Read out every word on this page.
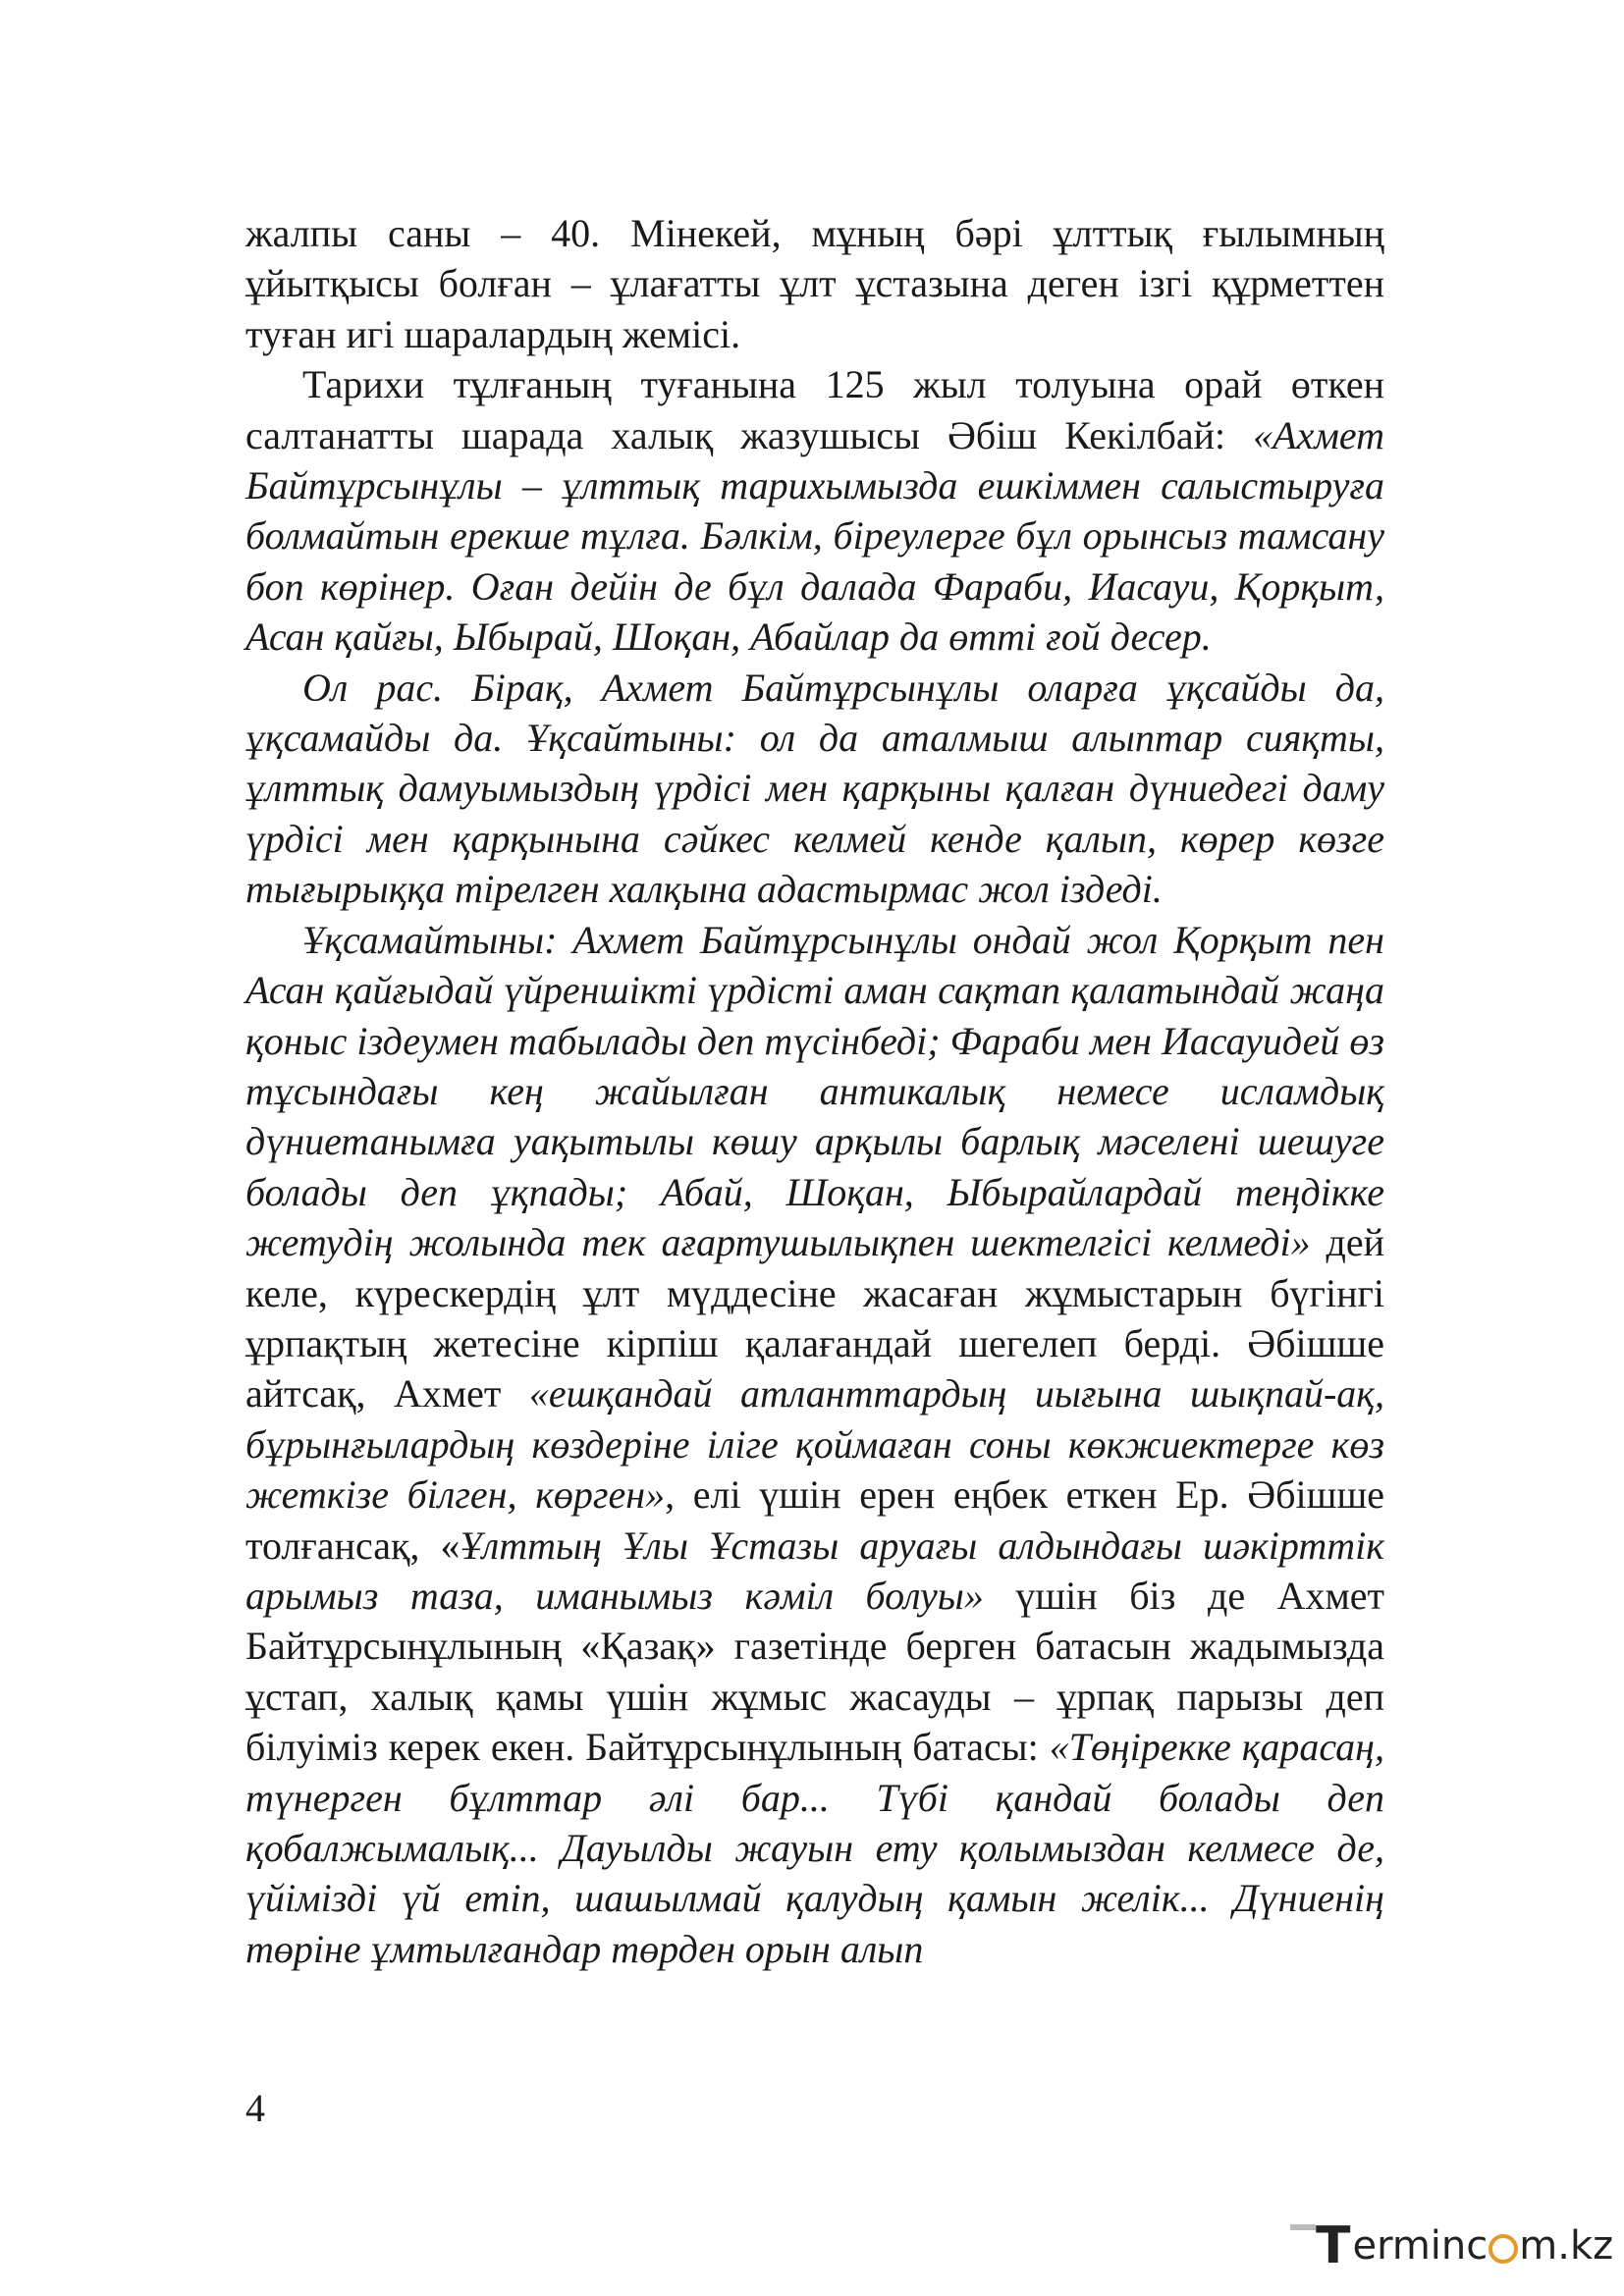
жалпы саны – 40. Мінекей, мұның бәрі ұлттық ғылымның ұйытқысы болған – ұлағатты ұлт ұстазына деген ізгі құрметтен туған игі шаралардың жемісі.

Тарихи тұлғаның туғанына 125 жыл толуына орай өткен салтанатты шарада халық жазушысы Әбіш Кекілбай: «Ахмет Байтұрсынұлы – ұлттық тарихымызда ешкіммен салыстыруға болмайтын ерекше тұлға. Бәлкім, біреулерге бұл орынсыз тамсану боп көрінер. Оған дейін де бұл далада Фараби, Иасауи, Қорқыт, Асан қайғы, Ыбырай, Шоқан, Абайлар да өтті ғой десер.

Ол рас. Бірақ, Ахмет Байтұрсынұлы оларға ұқсайды да, ұқсамайды да. Ұқсайтыны: ол да аталмыш алыптар сияқты, ұлттық дамуымыздың үрдісі мен қарқыны қалған дүниедегі даму үрдісі мен қарқынына сәйкес келмей кенде қалып, көрер көзге тығырыққа тірелген халқына адастырмас жол іздеді.

Ұқсамайтыны: Ахмет Байтұрсынұлы ондай жол Қорқыт пен Асан қайғыдай үйреншікті үрдісті аман сақтап қалатындай жаңа қоныс іздеумен табылады деп түсінбеді; Фараби мен Иасауидей өз тұсындағы кең жайылған антикалық немесе исламдық дүниетанымға уақытылы көшу арқылы барлық мәселені шешуге болады деп ұқпады; Абай, Шоқан, Ыбырайлардай теңдікке жетудің жолында тек ағартушылықпен шектелгісі келмеді» дей келе, күрескердің ұлт мүддесіне жасаған жұмыстарын бүгінгі ұрпақтың жетесіне кірпіш қалағандай шегелеп берді. Әбішше айтсақ, Ахмет «ешқандай атланттардың иығына шықпай-ақ, бұрынғылардың көздеріне ілігe қоймаған соны көкжиектерге көз жеткізе білген, көрген», елі үшін ерен еңбек еткен Ер. Әбішше толғансақ, «Ұлттың Ұлы Ұстазы аруағы алдындағы шәкірттік арымыз таза, иманымыз кәміл болуы» үшін біз де Ахмет Байтұрсынұлының «Қазақ» газетінде берген батасын жадымызда ұстап, халық қамы үшін жұмыс жасауды – ұрпақ парызы деп білуіміз керек екен. Байтұрсынұлының батасы: «Төңірекке қарасаң, түнерген бұлттар әлі бар... Түбі қандай болады деп қобалжымалық... Дауылды жауын ету қолымыздан келмесе де, үйімізді үй етіп, шашылмай қалудың қамын желік... Дүниенің төріне ұмтылғандар төрден орын алып

4
T erminc m.kz
